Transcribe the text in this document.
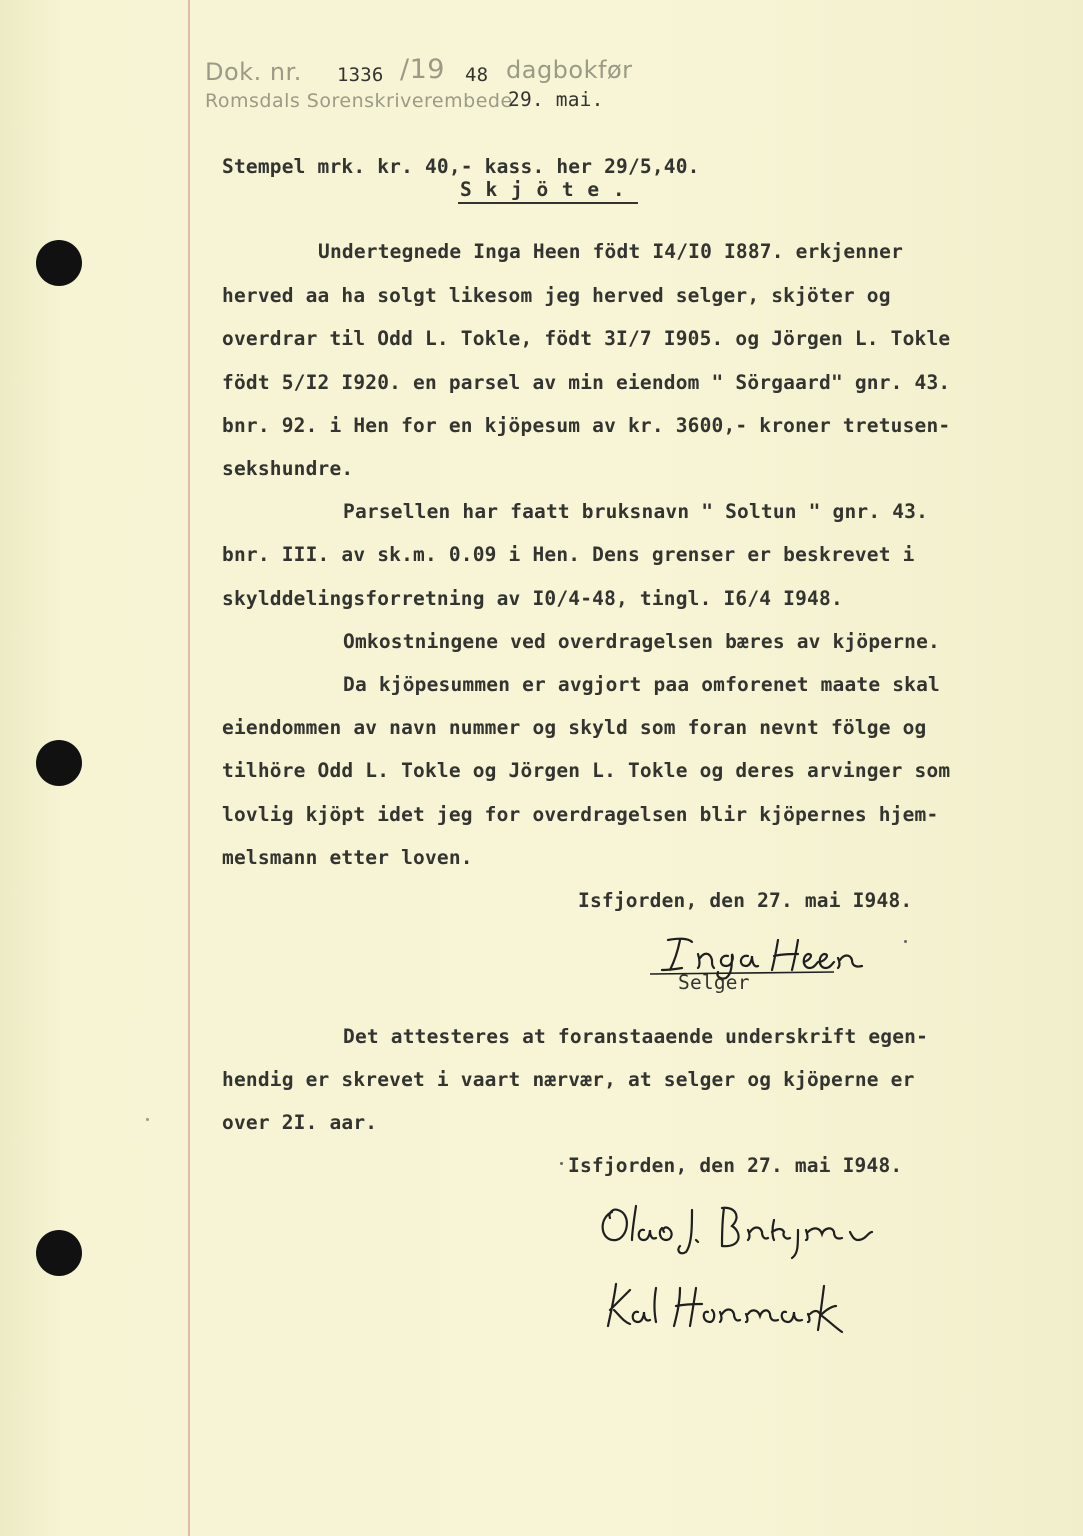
Dok. nr. 1336 /19 48 dagbokfør
Romsdals Sorenskriverembede
29. mai.
Stempel mrk. kr. 40,- kass. her 29/5,40.
S k j ö t e .
Undertegnede Inga Heen födt I4/I0 I887. erkjenner
herved aa ha solgt likesom jeg herved selger, skjöter og
overdrar til Odd L. Tokle, födt 3I/7 I905. og Jörgen L. Tokle
födt 5/I2 I920. en parsel av min eiendom " Sörgaard" gnr. 43.
bnr. 92. i Hen for en kjöpesum av kr. 3600,- kroner tretusen-
sekshundre.
Parsellen har faatt bruksnavn " Soltun " gnr. 43.
bnr. III. av sk.m. 0.09 i Hen. Dens grenser er beskrevet i
skylddelingsforretning av I0/4-48, tingl. I6/4 I948.
Omkostningene ved overdragelsen bæres av kjöperne.
Da kjöpesummen er avgjort paa omforenet maate skal
eiendommen av navn nummer og skyld som foran nevnt fölge og
tilhöre Odd L. Tokle og Jörgen L. Tokle og deres arvinger som
lovlig kjöpt idet jeg for overdragelsen blir kjöpernes hjem-
melsmann etter loven.
Isfjorden, den 27. mai I948.
Selger
Det attesteres at foranstaaende underskrift egen-
hendig er skrevet i vaart nærvær, at selger og kjöperne er
over 2I. aar.
Isfjorden, den 27. mai I948.
